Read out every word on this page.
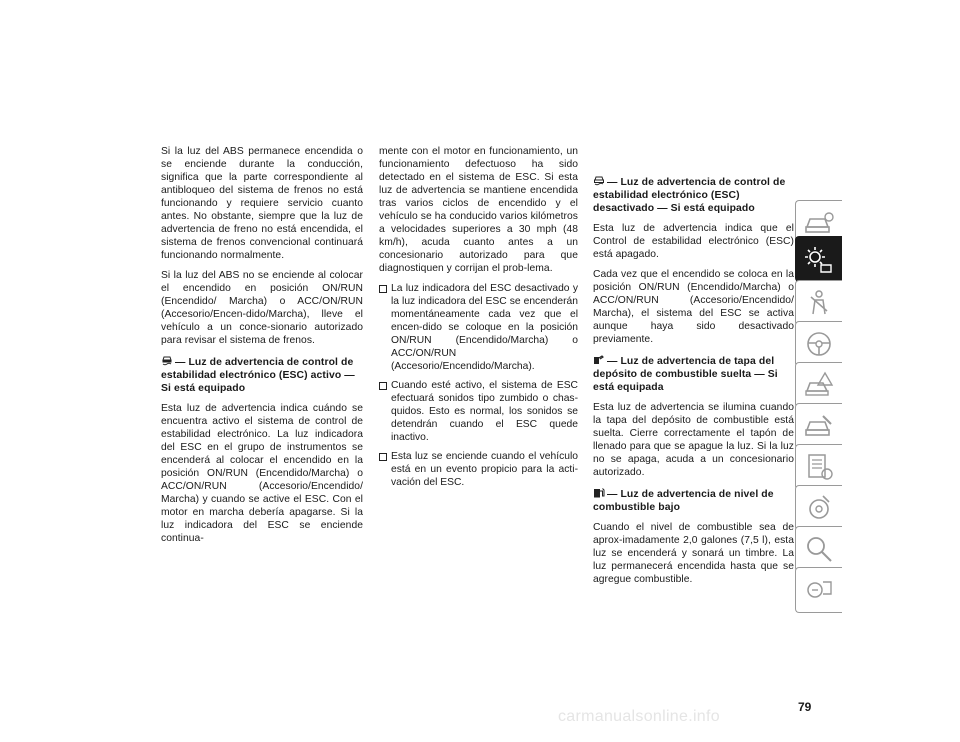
Si la luz del ABS permanece encendida o se enciende durante la conducción, significa que la parte correspondiente al antibloqueo del sistema de frenos no está funcionando y requiere servicio cuanto antes. No obstante, siempre que la luz de advertencia de freno no está encendida, el sistema de frenos convencional continuará funcionando normalmente.

Si la luz del ABS no se enciende al colocar el encendido en posición ON/RUN (Encendido/ Marcha) o ACC/ON/RUN (Accesorio/Encen-dido/Marcha), lleve el vehículo a un conce-sionario autorizado para revisar el sistema de frenos.

— Luz de advertencia de control de estabilidad electrónico (ESC) activo — Si está equipado

Esta luz de advertencia indica cuándo se encuentra activo el sistema de control de estabilidad electrónico. La luz indicadora del ESC en el grupo de instrumentos se encenderá al colocar el encendido en la posición ON/RUN (Encendido/Marcha) o ACC/ON/RUN (Accesorio/Encendido/ Marcha) y cuando se active el ESC. Con el motor en marcha debería apagarse. Si la luz indicadora del ESC se enciende continua-

mente con el motor en funcionamiento, un funcionamiento defectuoso ha sido detectado en el sistema de ESC. Si esta luz de advertencia se mantiene encendida tras varios ciclos de encendido y el vehículo se ha conducido varios kilómetros a velocidades superiores a 30 mph (48 km/h), acuda cuanto antes a un concesionario autorizado para que diagnostiquen y corrijan el prob-lema.

La luz indicadora del ESC desactivado y la luz indicadora del ESC se encenderán momentáneamente cada vez que el encen-dido se coloque en la posición ON/RUN (Encendido/Marcha) o ACC/ON/RUN (Accesorio/Encendido/Marcha).
Cuando esté activo, el sistema de ESC efectuará sonidos tipo zumbido o chas-quidos. Esto es normal, los sonidos se detendrán cuando el ESC quede inactivo.
Esta luz se enciende cuando el vehículo está en un evento propicio para la acti-vación del ESC.
— Luz de advertencia de control de estabilidad electrónico (ESC) desactivado — Si está equipado

Esta luz de advertencia indica que el Control de estabilidad electrónico (ESC) está apagado.

Cada vez que el encendido se coloca en la posición ON/RUN (Encendido/Marcha) o ACC/ON/RUN (Accesorio/Encendido/ Marcha), el sistema del ESC se activa aunque haya sido desactivado previamente.

— Luz de advertencia de tapa del depósito de combustible suelta — Si está equipada

Esta luz de advertencia se ilumina cuando la tapa del depósito de combustible está suelta. Cierre correctamente el tapón de llenado para que se apague la luz. Si la luz no se apaga, acuda a un concesionario autorizado.

— Luz de advertencia de nivel de combustible bajo

Cuando el nivel de combustible sea de aprox-imadamente 2,0 galones (7,5 l), esta luz se encenderá y sonará un timbre. La luz permanecerá encendida hasta que se agregue combustible.

79
carmanualsonline.info
